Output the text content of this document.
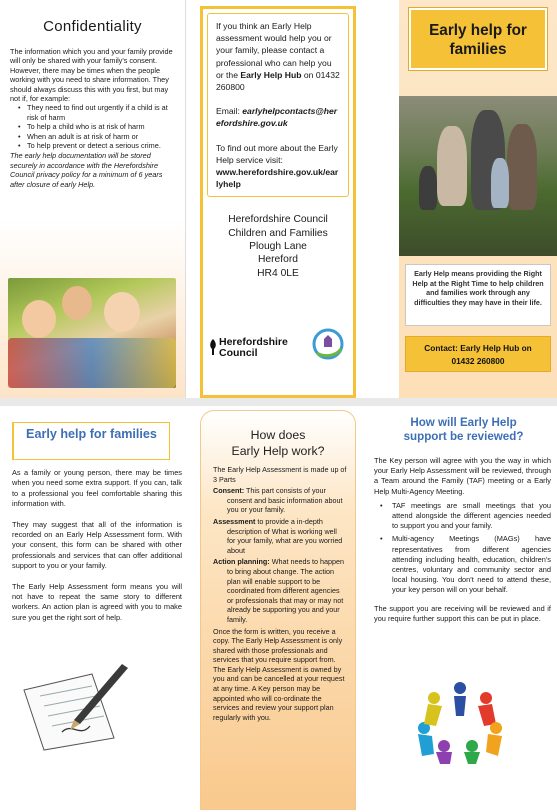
Confidentiality
The information which you and your family provide will only be shared with your family's consent. However, there may be times when the people working with you need to share information. They should always discuss this with you first, but may not if, for example:
• They need to find out urgently if a child is at risk of harm
• To help a child who is at risk of harm
• When an adult is at risk of harm or
• To help prevent or detect a serious crime.
The early help documentation will be stored securely in accordance with the Herefordshire Council privacy policy for a minimum of 6 years after closure of early Help.
If you think an Early Help assessment would help you or your family, please contact a professional who can help you or the Early Help Hub on 01432 260800
Email: earlyhelpcontacts@herefordshire.gov.uk
To find out more about the Early Help service visit:
www.herefordshire.gov.uk/earlyhelp
Herefordshire Council
Children and Families
Plough Lane
Hereford
HR4 0LE
Herefordshire
Council
Early help for families
Early Help means providing the Right Help at the Right Time to help children and families work through any difficulties they may have in their life.
Contact: Early Help Hub on
01432 260800
Early help for families

As a family or young person, there may be times when you need some extra support. If you can, talk to a professional you feel comfortable sharing this information with.

They may suggest that all of the information is recorded on an Early Help Assessment form. With your consent, this form can be shared with other professionals and services that can offer additional support to you or your family.

The Early Help Assessment form means you will not have to repeat the same story to different workers. An action plan is agreed with you to make sure you get the right sort of help.

How does
Early Help work?
The Early Help Assessment is made up of 3 Parts
Consent: This part consists of your consent and basic information about you or your family.
Assessment to provide a in-depth description of What is working well for your family, what are you worried about
Action planning: What needs to happen to bring about change. The action plan will enable support to be coordinated from different agencies or professionals that may or may not already be supporting you and your family.
Once the form is written, you receive a copy. The Early Help Assessment is only shared with those professionals and services that you require support from. The Early Help Assessment is owned by you and can be cancelled at your request at any time. A Key person may be appointed who will co-ordinate the services and review your support plan regularly with you.
How will Early Help
support be reviewed?
The Key person will agree with you the way in which your Early Help Assessment will be reviewed, through a Team around the Family (TAF) meeting or a Early Help Multi-Agency Meeting.
• TAF meetings are small meetings that you attend alongside the different agencies needed to support you and your family.
• Multi-agency Meetings (MAGs) have representatives from different agencies attending including health, education, children's centres, voluntary and community sector and local housing. You don't need to attend these, your key person will on your behalf.
The support you are receiving will be reviewed and if you require further support this can be put in place.
